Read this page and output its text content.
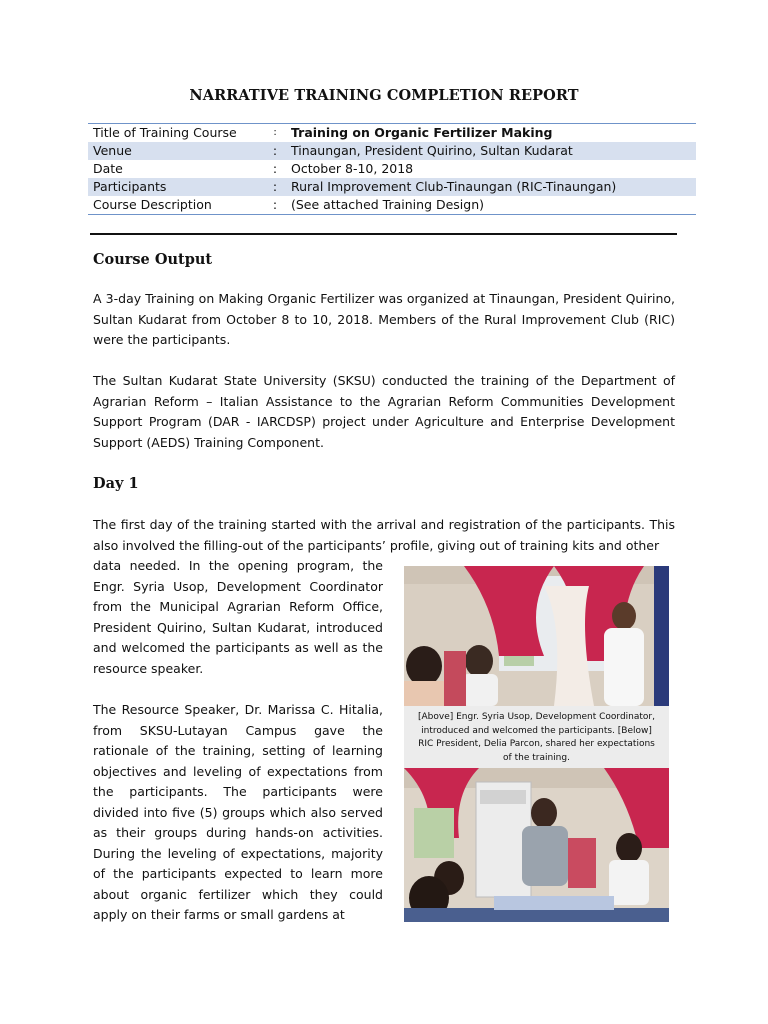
NARRATIVE TRAINING COMPLETION REPORT
Title of Training Course	:	Training on Organic Fertilizer Making
Venue	:	Tinaungan, President Quirino, Sultan Kudarat
Date	:	October 8-10, 2018
Participants	:	Rural Improvement Club-Tinaungan (RIC-Tinaungan)
Course Description	:	(See attached Training Design)
Course Output

A 3-day Training on Making Organic Fertilizer was organized at Tinaungan, President Quirino, Sultan Kudarat from October 8 to 10, 2018. Members of the Rural Improvement Club (RIC) were the participants.

The Sultan Kudarat State University (SKSU) conducted the training of the Department of Agrarian Reform – Italian Assistance to the Agrarian Reform Communities Development Support Program (DAR - IARCDSP) project under Agriculture and Enterprise Development Support (AEDS) Training Component.

Day 1

The first day of the training started with the arrival and registration of the participants. This also involved the filling-out of the participants’ profile, giving out of training kits and other

data needed. In the opening program, the Engr. Syria Usop, Development Coordinator from the Municipal Agrarian Reform Office, President Quirino, Sultan Kudarat, introduced and welcomed the participants as well as the resource speaker.

The Resource Speaker, Dr. Marissa C. Hitalia, from SKSU-Lutayan Campus gave the rationale of the training, setting of learning objectives and leveling of expectations from the participants. The participants were divided into five (5) groups which also served as their groups during hands-on activities. During the leveling of expectations, majority of the participants expected to learn more about organic fertilizer which they could apply on their farms or small gardens at

[Above] Engr. Syria Usop, Development Coordinator, introduced and welcomed the participants. [Below] RIC President, Delia Parcon, shared her expectations of the training.
